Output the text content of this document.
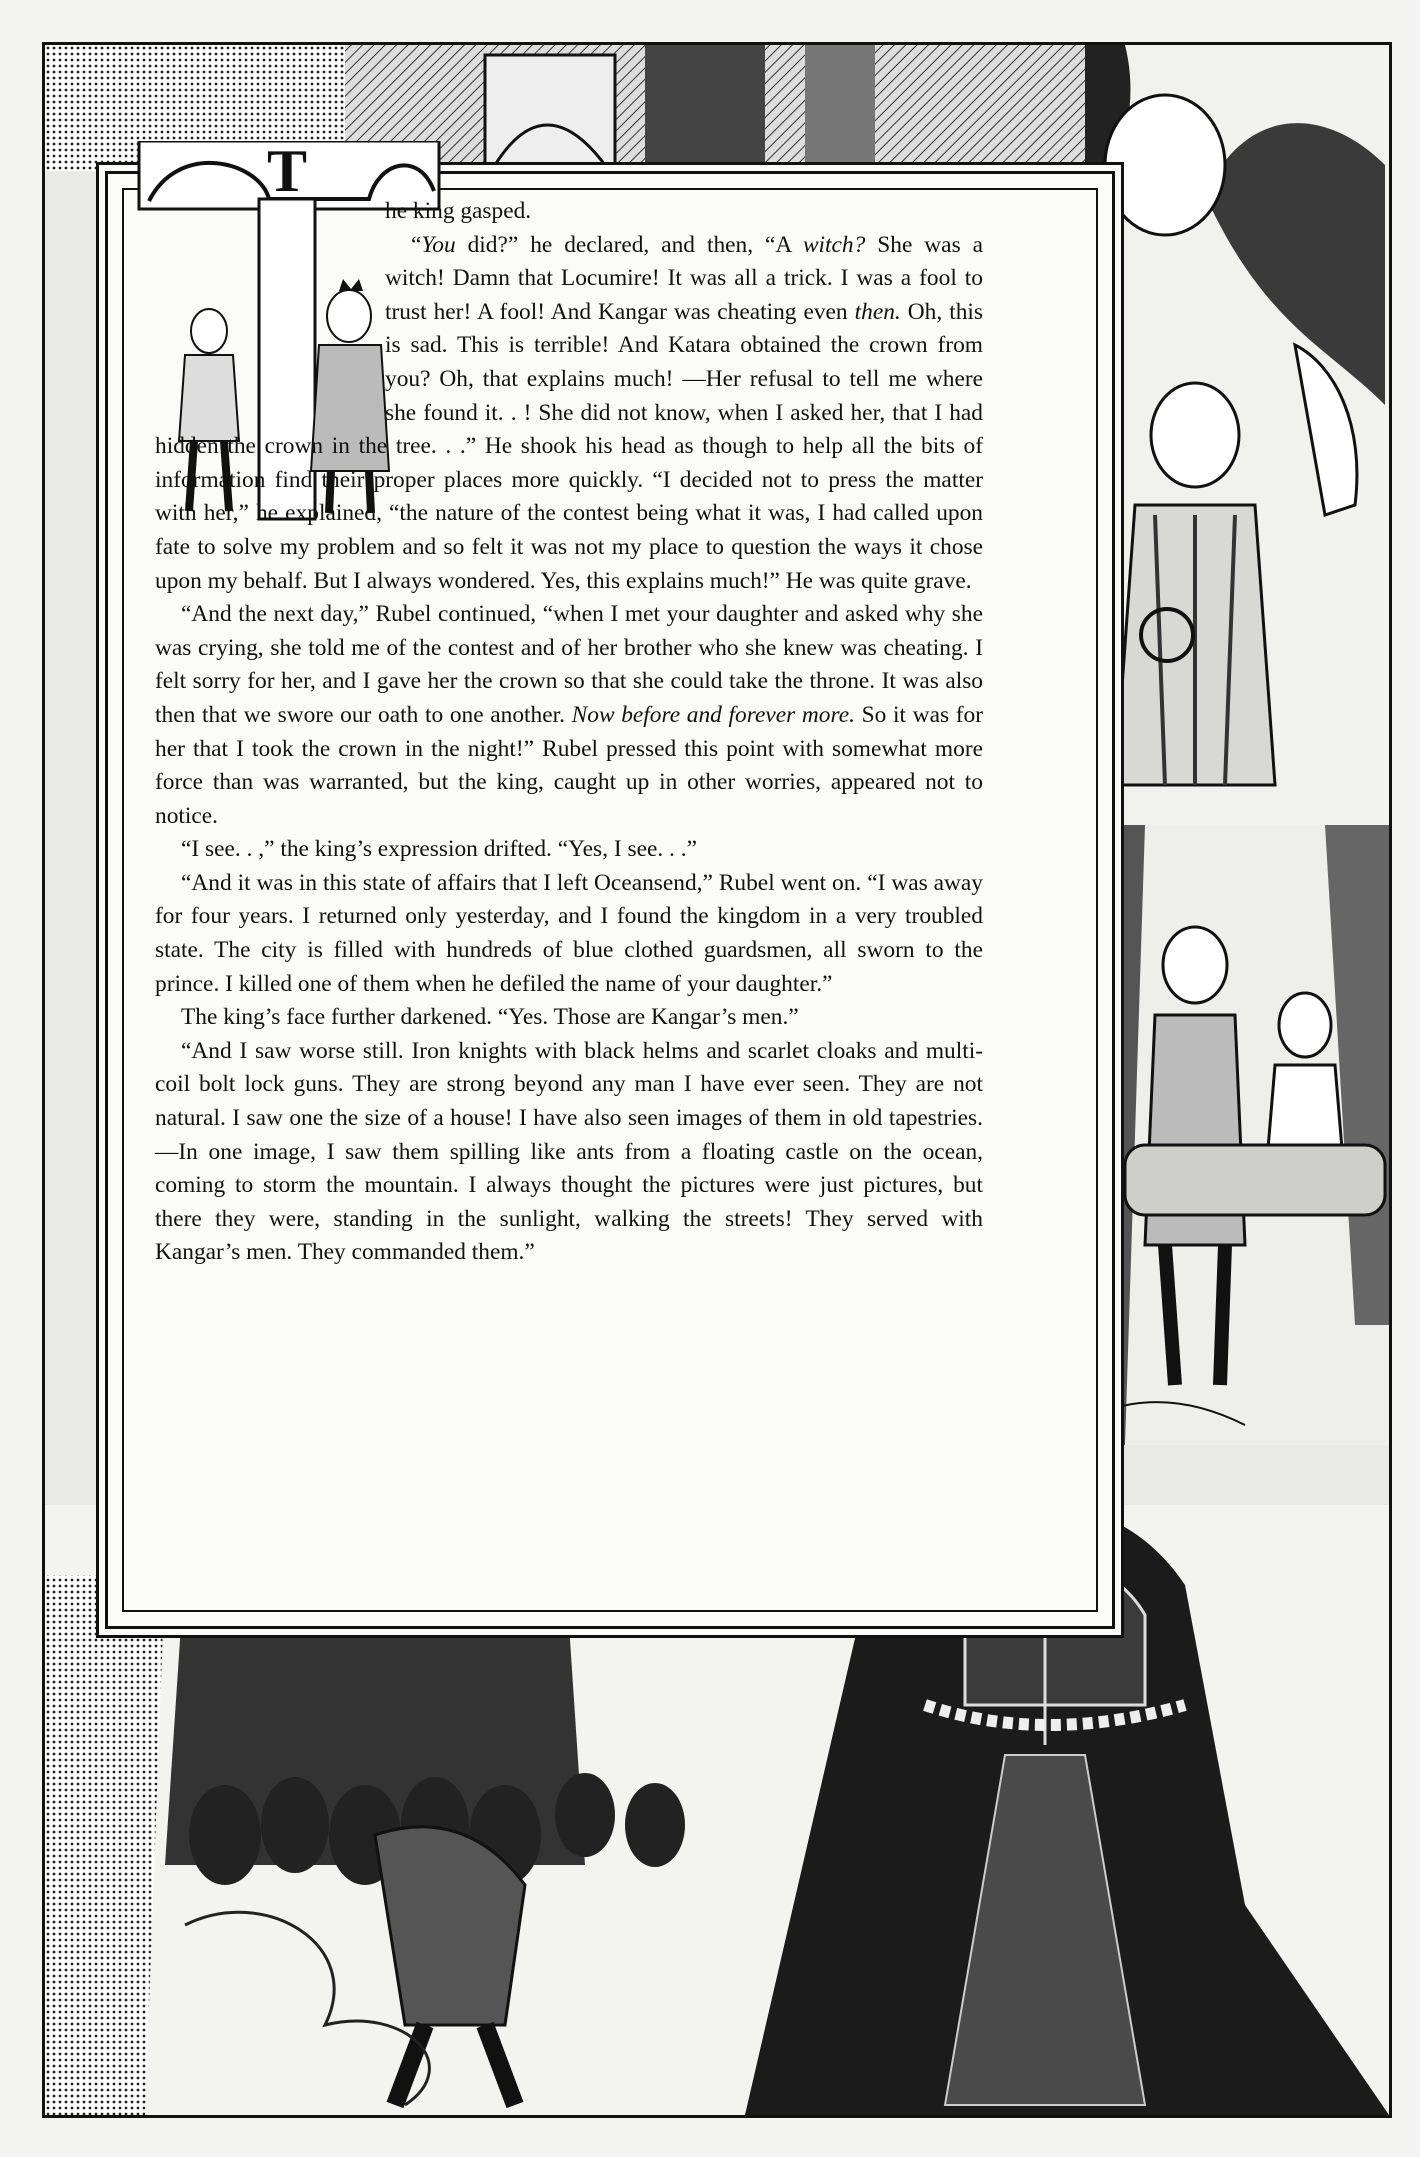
T

he king gasped.

“You did?” he declared, and then, “A witch? She was a witch! Damn that Locumire! It was all a trick. I was a fool to trust her! A fool! And Kangar was cheating even then. Oh, this is sad. This is terrible! And Katara obtained the crown from you? Oh, that explains much! —Her refusal to tell me where she found it. . ! She did not know, when I asked her, that I had hidden the crown in the tree. . .” He shook his head as though to help all the bits of information find their proper places more quickly. “I decided not to press the matter with her,” he explained, “the nature of the contest being what it was, I had called upon fate to solve my problem and so felt it was not my place to question the ways it chose upon my behalf. But I always wondered. Yes, this explains much!” He was quite grave.

“And the next day,” Rubel continued, “when I met your daughter and asked why she was crying, she told me of the contest and of her brother who she knew was cheating. I felt sorry for her, and I gave her the crown so that she could take the throne. It was also then that we swore our oath to one another. Now before and forever more. So it was for her that I took the crown in the night!” Rubel pressed this point with somewhat more force than was warranted, but the king, caught up in other worries, appeared not to notice.

“I see. . ,” the king’s expression drifted. “Yes, I see. . .”

“And it was in this state of affairs that I left Oceansend,” Rubel went on. “I was away for four years. I returned only yesterday, and I found the kingdom in a very troubled state. The city is filled with hundreds of blue clothed guardsmen, all sworn to the prince. I killed one of them when he defiled the name of your daughter.”

The king’s face further darkened. “Yes. Those are Kangar’s men.”

“And I saw worse still. Iron knights with black helms and scarlet cloaks and multi-coil bolt lock guns. They are strong beyond any man I have ever seen. They are not natural. I saw one the size of a house! I have also seen images of them in old tapestries. —In one image, I saw them spilling like ants from a floating castle on the ocean, coming to storm the mountain. I always thought the pictures were just pictures, but there they were, standing in the sunlight, walking the streets! They served with Kangar’s men. They commanded them.”
